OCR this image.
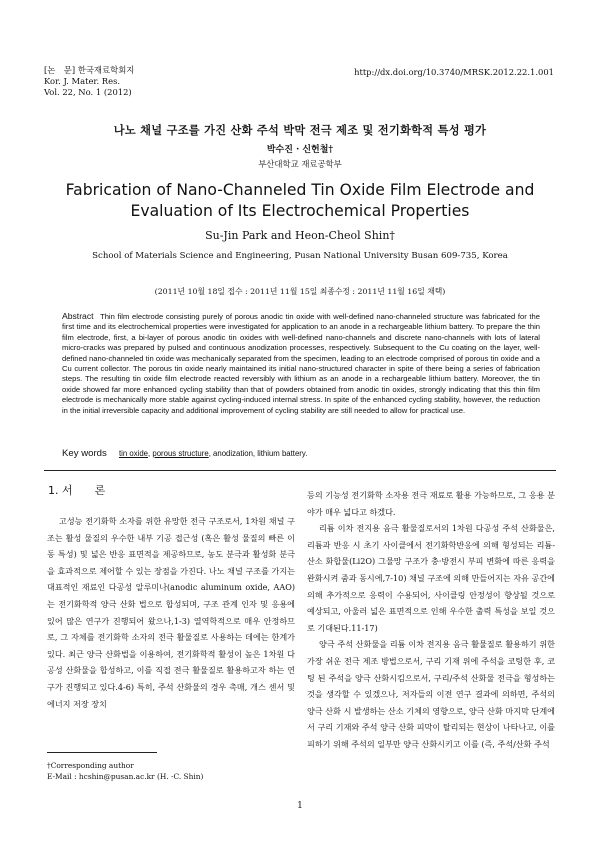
[논　문] 한국재료학회지
Kor. J. Mater. Res.
Vol. 22, No. 1 (2012)
http://dx.doi.org/10.3740/MRSK.2012.22.1.001
나노 채널 구조를 가진 산화 주석 박막 전극 제조 및 전기화학적 특성 평가
박수진 · 신헌철†
부산대학교 재료공학부
Fabrication of Nano-Channeled Tin Oxide Film Electrode and
Evaluation of Its Electrochemical Properties
Su-Jin Park and Heon-Cheol Shin†
School of Materials Science and Engineering, Pusan National University Busan 609-735, Korea
(2011년 10월 18일 접수 : 2011년 11월 15일 최종수정 : 2011년 11월 16일 채택)
Abstract Thin film electrode consisting purely of porous anodic tin oxide with well-defined nano-channeled structure was fabricated for the first time and its electrochemical properties were investigated for application to an anode in a rechargeable lithium battery. To prepare the thin film electrode, first, a bi-layer of porous anodic tin oxides with well-defined nano-channels and discrete nano-channels with lots of lateral micro-cracks was prepared by pulsed and continuous anodization processes, respectively. Subsequent to the Cu coating on the layer, well-defined nano-channeled tin oxide was mechanically separated from the specimen, leading to an electrode comprised of porous tin oxide and a Cu current collector. The porous tin oxide nearly maintained its initial nano-structured character in spite of there being a series of fabrication steps. The resulting tin oxide film electrode reacted reversibly with lithium as an anode in a rechargeable lithium battery. Moreover, the tin oxide showed far more enhanced cycling stability than that of powders obtained from anodic tin oxides, strongly indicating that this thin film electrode is mechanically more stable against cycling-induced internal stress. In spite of the enhanced cycling stability, however, the reduction in the initial irreversible capacity and additional improvement of cycling stability are still needed to allow for practical use.
Key words tin oxide, porous structure, anodization, lithium battery.
1. 서　　론

고성능 전기화학 소자를 위한 유망한 전극 구조로서, 1차원 채널 구조는 활성 물질의 우수한 내부 기공 접근성 (혹은 활성 물질의 빠른 이동 특성) 및 넓은 반응 표면적을 제공하므로, 농도 분극과 활성화 분극을 효과적으로 제어할 수 있는 장점을 가진다. 나노 채널 구조를 가지는 대표적인 재료인 다공성 알루미나(anodic aluminum oxide, AAO) 는 전기화학적 양극 산화 법으로 합성되며, 구조 관계 인자 및 응용에 있어 많은 연구가 진행되어 왔으나,1-3) 열역학적으로 매우 안정하므로, 그 자체를 전기화학 소자의 전극 활물질로 사용하는 데에는 한계가 있다. 최근 양극 산화법을 이용하여, 전기화학적 활성이 높은 1차원 다공성 산화물을 합성하고, 이를 직접 전극 활물질로 활용하고자 하는 연구가 진행되고 있다.4-6) 특히, 주석 산화물의 경우 촉매, 개스 센서 및 에너지 저장 장치

등의 기능성 전기화학 소자용 전극 재료로 활용 가능하므로, 그 응용 분야가 매우 넓다고 하겠다.

리튬 이차 전지용 음극 활물질로서의 1차원 다공성 주석 산화물은, 리튬과 반응 시 초기 사이클에서 전기화학반응에 의해 형성되는 리튬-산소 화합물(Li2O) 그물망 구조가 충·방전시 부피 변화에 따른 응력을 완화시켜 줌과 동시에,7-10) 채널 구조에 의해 만들어지는 자유 공간에 의해 추가적으로 응력이 수용되어, 사이클링 안정성이 향상될 것으로 예상되고, 아울러 넓은 표면적으로 인해 우수한 출력 특성을 보일 것으로 기대된다.11-17)

양극 주석 산화물을 리튬 이차 전지용 음극 활물질로 활용하기 위한 가장 쉬운 전극 제조 방법으로서, 구리 기재 위에 주석을 코팅한 후, 코팅 된 주석을 양극 산화시킴으로서, 구리/주석 산화물 전극을 형성하는 것을 생각할 수 있겠으나, 저자들의 이전 연구 결과에 의하면, 주석의 양극 산화 시 발생하는 산소 기체의 영향으로, 양극 산화 마지막 단계에서 구리 기재와 주석 양극 산화 피막이 탈리되는 현상이 나타나고, 이를 피하기 위해 주석의 일부만 양극 산화시키고 이를 (즉, 주석/산화 주석

†Corresponding author
E-Mail : hcshin@pusan.ac.kr (H. -C. Shin)
1
